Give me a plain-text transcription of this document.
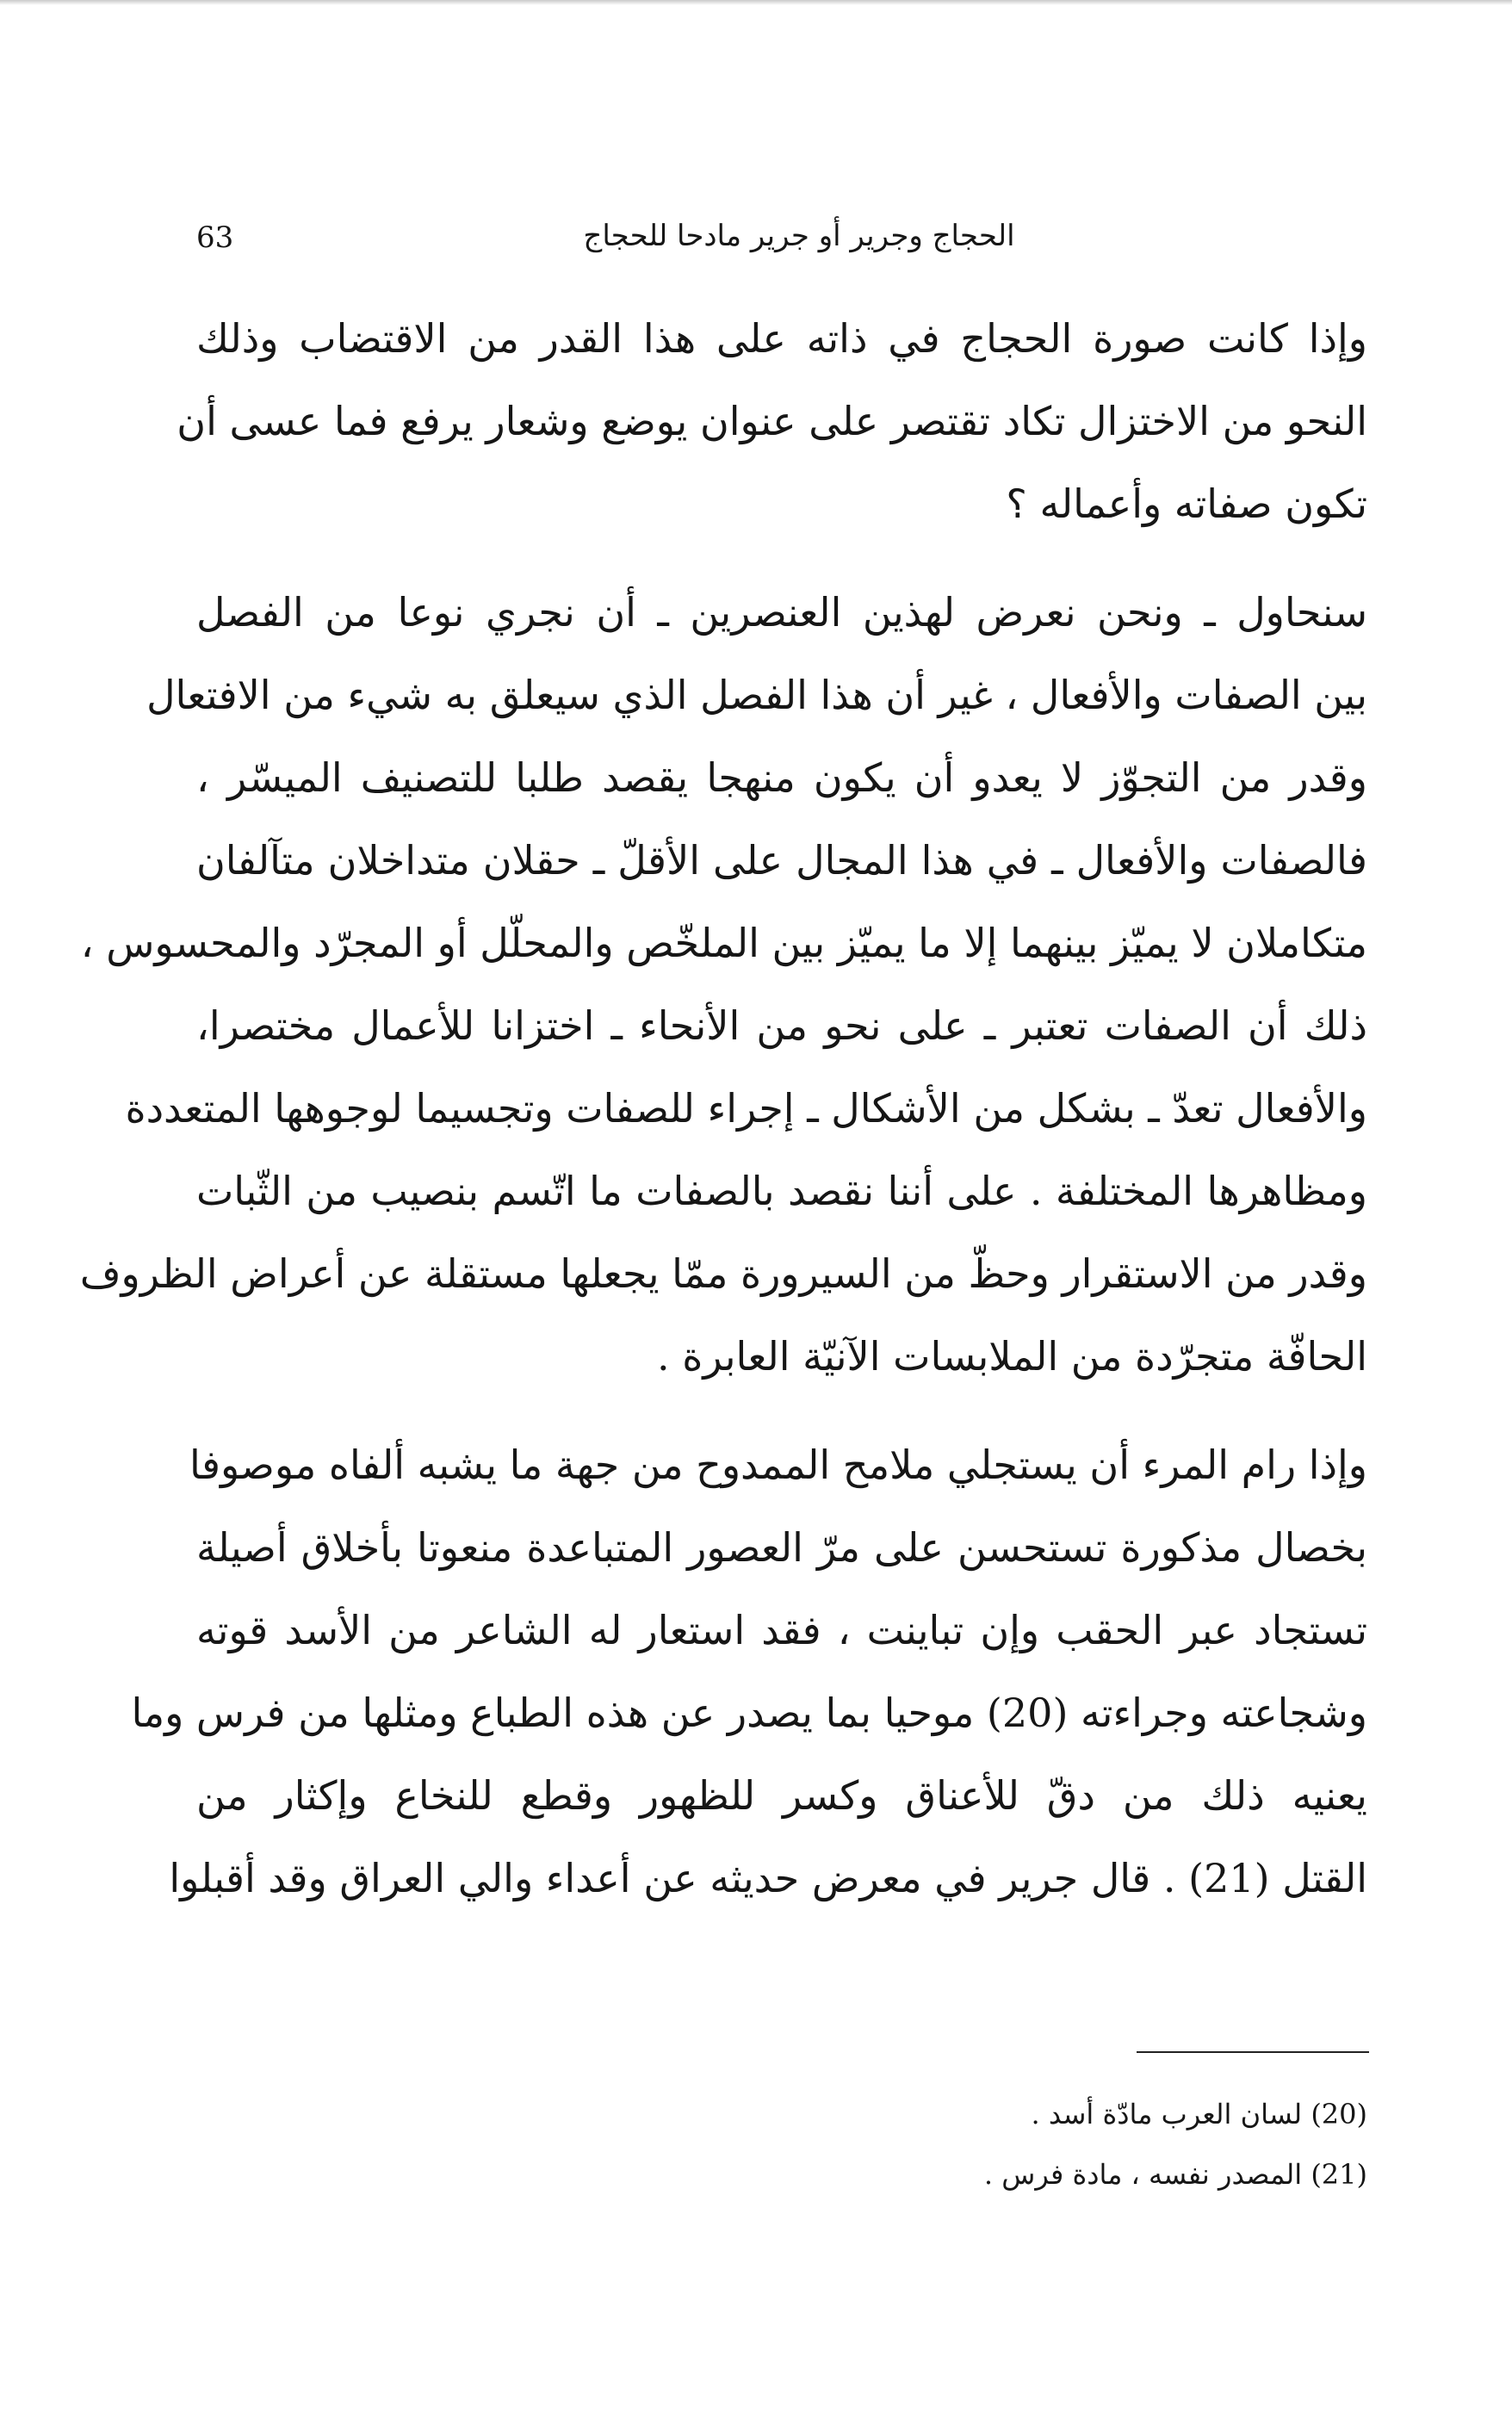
63	الحجاج وجرير أو جرير مادحا للحجاج
وإذا كانت صورة الحجاج في ذاته على هذا القدر من الاقتضاب وذلك
النحو من الاختزال تكاد تقتصر على عنوان يوضع وشعار يرفع فما عسى أن
تكون صفاته وأعماله ؟
سنحاول ـ ونحن نعرض لهذين العنصرين ـ أن نجري نوعا من الفصل
بين الصفات والأفعال ، غير أن هذا الفصل الذي سيعلق به شيء من الافتعال
وقدر من التجوّز لا يعدو أن يكون منهجا يقصد طلبا للتصنيف الميسّر ،
فالصفات والأفعال ـ في هذا المجال على الأقلّ ـ حقلان متداخلان متآلفان
متكاملان لا يميّز بينهما إلا ما يميّز بين الملخّص والمحلّل أو المجرّد والمحسوس ،
ذلك أن الصفات تعتبر ـ على نحو من الأنحاء ـ اختزانا للأعمال مختصرا،
والأفعال تعدّ ـ بشكل من الأشكال ـ إجراء للصفات وتجسيما لوجوهها المتعددة
ومظاهرها المختلفة . على أننا نقصد بالصفات ما اتّسم بنصيب من الثّبات
وقدر من الاستقرار وحظّ من السيرورة ممّا يجعلها مستقلة عن أعراض الظروف
الحافّة متجرّدة من الملابسات الآنيّة العابرة .
وإذا رام المرء أن يستجلي ملامح الممدوح من جهة ما يشبه ألفاه موصوفا
بخصال مذكورة تستحسن على مرّ العصور المتباعدة منعوتا بأخلاق أصيلة
تستجاد عبر الحقب وإن تباينت ، فقد استعار له الشاعر من الأسد قوته
وشجاعته وجراءته (20) موحيا بما يصدر عن هذه الطباع ومثلها من فرس وما
يعنيه ذلك من دقّ للأعناق وكسر للظهور وقطع للنخاع وإكثار من
القتل (21) . قال جرير في معرض حديثه عن أعداء والي العراق وقد أقبلوا
(20) لسان العرب مادّة أسد .
(21) المصدر نفسه ، مادة فرس .
